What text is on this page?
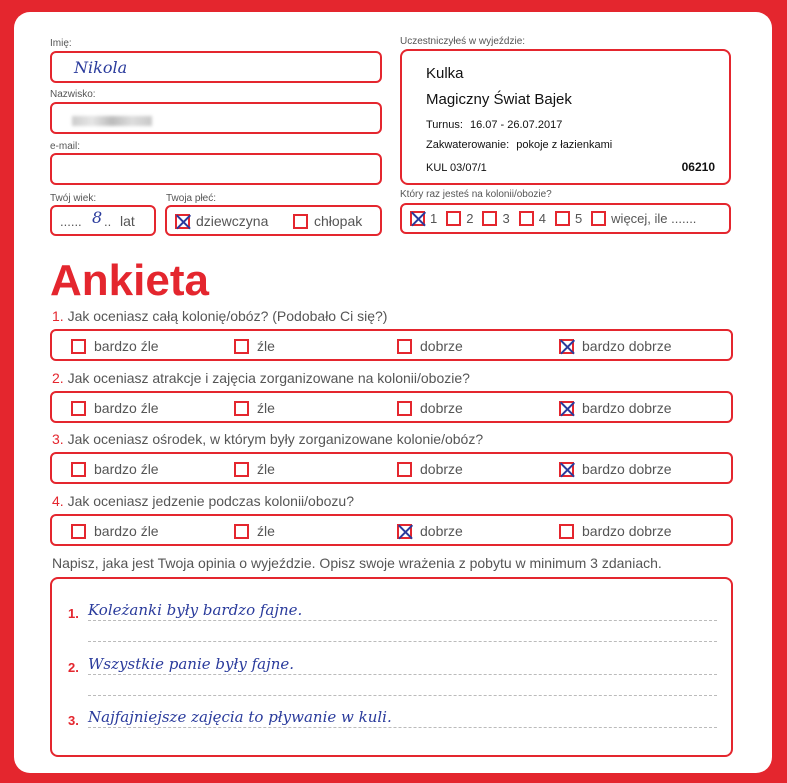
Imię:
Nikola
Nazwisko:
e-mail:
Twój wiek:
...... 8 .. lat
Twoja płeć:
dziewczyna	chłopak
Uczestniczyłeś w wyjeździe:
Kulka
Magiczny Świat Bajek
Turnus: 16.07 - 26.07.2017
Zakwaterowanie: pokoje z łazienkami
KUL 03/07/1	06210
Który raz jesteś na kolonii/obozie?
1 2 3 4 5 więcej, ile .......
Ankieta
1. Jak oceniasz całą kolonię/obóz? (Podobało Ci się?)
bardzo źle	źle	dobrze	bardzo dobrze
2. Jak oceniasz atrakcje i zajęcia zorganizowane na kolonii/obozie?
bardzo źle	źle	dobrze	bardzo dobrze
3. Jak oceniasz ośrodek, w którym były zorganizowane kolonie/obóz?
bardzo źle	źle	dobrze	bardzo dobrze
4. Jak oceniasz jedzenie podczas kolonii/obozu?
bardzo źle	źle	dobrze	bardzo dobrze
Napisz, jaka jest Twoja opinia o wyjeździe. Opisz swoje wrażenia z pobytu w minimum 3 zdaniach.
1. Koleżanki były bardzo fajne.
2. Wszystkie panie były fajne.
3. Najfajniejsze zajęcia to pływanie w kuli.
